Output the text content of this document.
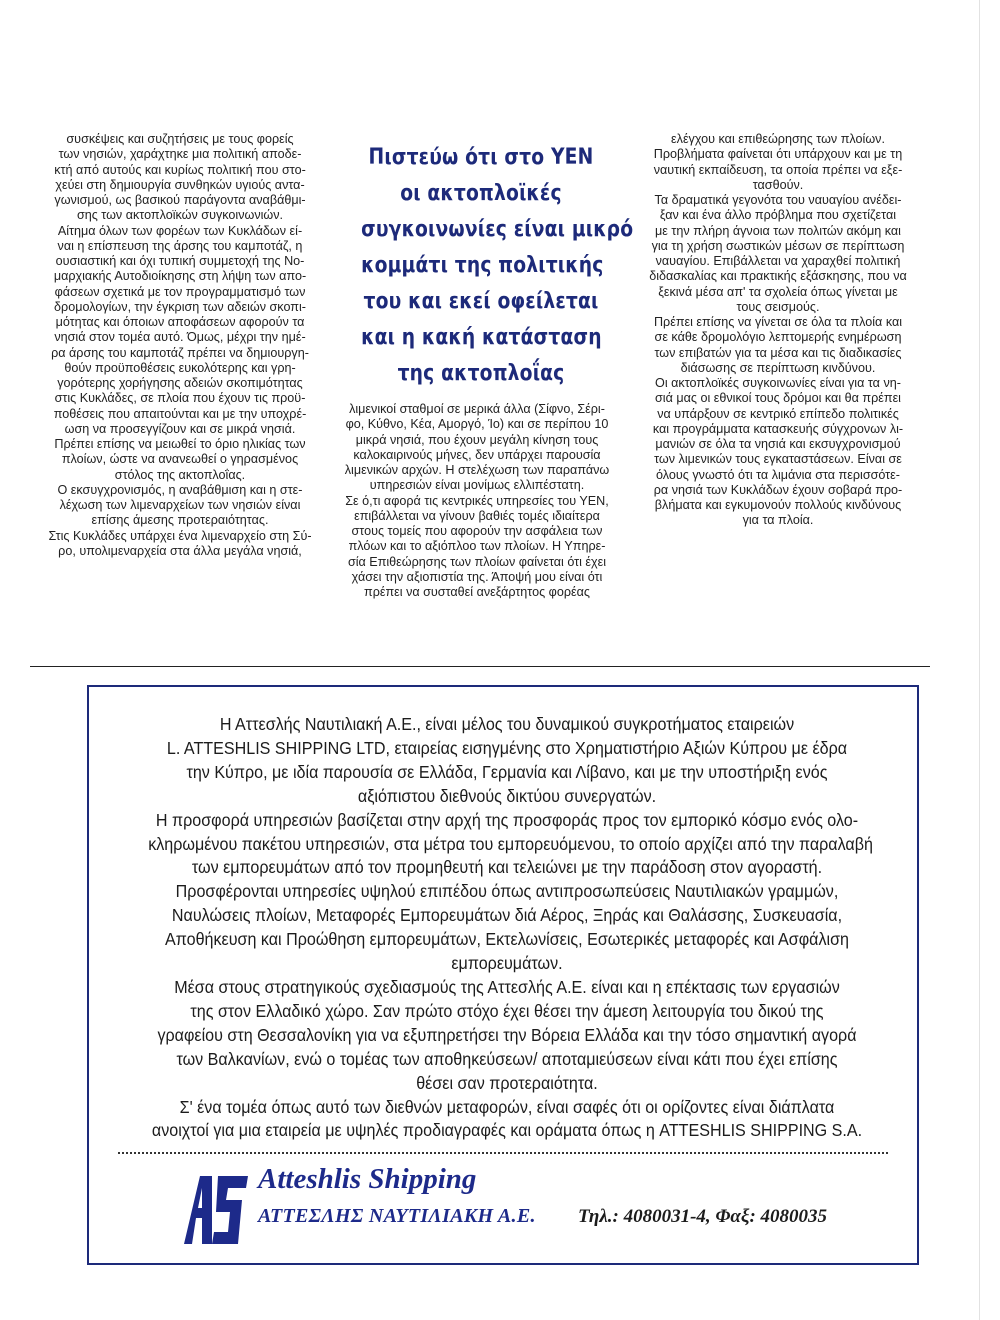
συσκέψεις και συζητήσεις με τους φορείς
των νησιών, χαράχτηκε μια πολιτική αποδε-
κτή από αυτούς και κυρίως πολιτική που στο-
χεύει στη δημιουργία συνθηκών υγιούς αντα-
γωνισμού, ως βασικού παράγοντα αναβάθμι-
σης των ακτοπλοϊκών συγκοινωνιών.

Αίτημα όλων των φορέων των Κυκλάδων εί-
ναι η επίσπευση της άρσης του καμποτάζ, η
ουσιαστική και όχι τυπική συμμετοχή της Νο-
μαρχιακής Αυτοδιοίκησης στη λήψη των απο-
φάσεων σχετικά με τον προγραμματισμό των
δρομολογίων, την έγκριση των αδειών σκοπι-
μότητας και όποιων αποφάσεων αφορούν τα
νησιά στον τομέα αυτό. Όμως, μέχρι την ημέ-
ρα άρσης του καμποτάζ πρέπει να δημιουργη-
θούν προϋποθέσεις ευκολότερης και γρη-
γορότερης χορήγησης αδειών σκοπιμότητας
στις Κυκλάδες, σε πλοία που έχουν τις προϋ-
ποθέσεις που απαιτούνται και με την υποχρέ-
ωση να προσεγγίζουν και σε μικρά νησιά.

Πρέπει επίσης να μειωθεί το όριο ηλικίας των
πλοίων, ώστε να ανανεωθεί ο γηρασμένος
στόλος της ακτοπλοΐας.

Ο εκσυγχρονισμός, η αναβάθμιση και η στε-
λέχωση των λιμεναρχείων των νησιών είναι
επίσης άμεσης προτεραιότητας.

Στις Κυκλάδες υπάρχει ένα λιμεναρχείο στη Σύ-
ρο, υπολιμεναρχεία στα άλλα μεγάλα νησιά,

Πιστεύω ότι στο ΥΕΝ
οι ακτοπλοϊκές
συγκοινωνίες είναι μικρό
κομμάτι της πολιτικής
του και εκεί οφείλεται
και η κακή κατάσταση
της ακτοπλοΐας

λιμενικοί σταθμοί σε μερικά άλλα (Σίφνο, Σέρι-
φο, Κύθνο, Κέα, Αμοργό, Ίο) και σε περίπου 10
μικρά νησιά, που έχουν μεγάλη κίνηση τους
καλοκαιρινούς μήνες, δεν υπάρχει παρουσία
λιμενικών αρχών. Η στελέχωση των παραπάνω
υπηρεσιών είναι μονίμως ελλιπέστατη.

Σε ό,τι αφορά τις κεντρικές υπηρεσίες του ΥΕΝ,
επιβάλλεται να γίνουν βαθιές τομές ιδιαίτερα
στους τομείς που αφορούν την ασφάλεια των
πλόων και το αξιόπλοο των πλοίων. Η Υπηρε-
σία Επιθεώρησης των πλοίων φαίνεται ότι έχει
χάσει την αξιοπιστία της. Άποψή μου είναι ότι
πρέπει να συσταθεί ανεξάρτητος φορέας

ελέγχου και επιθεώρησης των πλοίων.

Προβλήματα φαίνεται ότι υπάρχουν και με τη
ναυτική εκπαίδευση, τα οποία πρέπει να εξε-
τασθούν.

Τα δραματικά γεγονότα του ναυαγίου ανέδει-
ξαν και ένα άλλο πρόβλημα που σχετίζεται
με την πλήρη άγνοια των πολιτών ακόμη και
για τη χρήση σωστικών μέσων σε περίπτωση
ναυαγίου. Επιβάλλεται να χαραχθεί πολιτική
διδασκαλίας και πρακτικής εξάσκησης, που να
ξεκινά μέσα απ' τα σχολεία όπως γίνεται με
τους σεισμούς.

Πρέπει επίσης να γίνεται σε όλα τα πλοία και
σε κάθε δρομολόγιο λεπτομερής ενημέρωση
των επιβατών για τα μέσα και τις διαδικασίες
διάσωσης σε περίπτωση κινδύνου.

Οι ακτοπλοϊκές συγκοινωνίες είναι για τα νη-
σιά μας οι εθνικοί τους δρόμοι και θα πρέπει
να υπάρξουν σε κεντρικό επίπεδο πολιτικές
και προγράμματα κατασκευής σύγχρονων λι-
μανιών σε όλα τα νησιά και εκσυγχρονισμού
των λιμενικών τους εγκαταστάσεων. Είναι σε
όλους γνωστό ότι τα λιμάνια στα περισσότε-
ρα νησιά των Κυκλάδων έχουν σοβαρά προ-
βλήματα και εγκυμονούν πολλούς κινδύνους
για τα πλοία.

Η Αττεσλής Ναυτιλιακή Α.Ε., είναι μέλος του δυναμικού συγκροτήματος εταιρειών
L. ATTESHLIS SHIPPING LTD, εταιρείας εισηγμένης στο Χρηματιστήριο Αξιών Κύπρου με έδρα
την Κύπρο, με ιδία παρουσία σε Ελλάδα, Γερμανία και Λίβανο, και με την υποστήριξη ενός
αξιόπιστου διεθνούς δικτύου συνεργατών.

Η προσφορά υπηρεσιών βασίζεται στην αρχή της προσφοράς προς τον εμπορικό κόσμο ενός ολο-
κληρωμένου πακέτου υπηρεσιών, στα μέτρα του εμπορευόμενου, το οποίο αρχίζει από την παραλαβή
των εμπορευμάτων από τον προμηθευτή και τελειώνει με την παράδοση στον αγοραστή.

Προσφέρονται υπηρεσίες υψηλού επιπέδου όπως αντιπροσωπεύσεις Ναυτιλιακών γραμμών,
Ναυλώσεις πλοίων, Μεταφορές Εμπορευμάτων διά Αέρος, Ξηράς και Θαλάσσης, Συσκευασία,
Αποθήκευση και Προώθηση εμπορευμάτων, Εκτελωνίσεις, Εσωτερικές μεταφορές και Ασφάλιση
εμπορευμάτων.

Μέσα στους στρατηγικούς σχεδιασμούς της Αττεσλής Α.Ε. είναι και η επέκτασις των εργασιών
της στον Ελλαδικό χώρο. Σαν πρώτο στόχο έχει θέσει την άμεση λειτουργία του δικού της
γραφείου στη Θεσσαλονίκη για να εξυπηρετήσει την Βόρεια Ελλάδα και την τόσο σημαντική αγορά
των Βαλκανίων, ενώ ο τομέας των αποθηκεύσεων/ αποταμιεύσεων είναι κάτι που έχει επίσης
θέσει σαν προτεραιότητα.

Σ' ένα τομέα όπως αυτό των διεθνών μεταφορών, είναι σαφές ότι οι ορίζοντες είναι διάπλατα
ανοιχτοί για μια εταιρεία με υψηλές προδιαγραφές και οράματα όπως η ATTESHLIS SHIPPING S.A.

Atteshlis Shipping
ΑΤΤΕΣΛΗΣ ΝΑΥΤΙΛΙΑΚΗ Α.Ε. Τηλ.: 4080031-4, Φαξ: 4080035
